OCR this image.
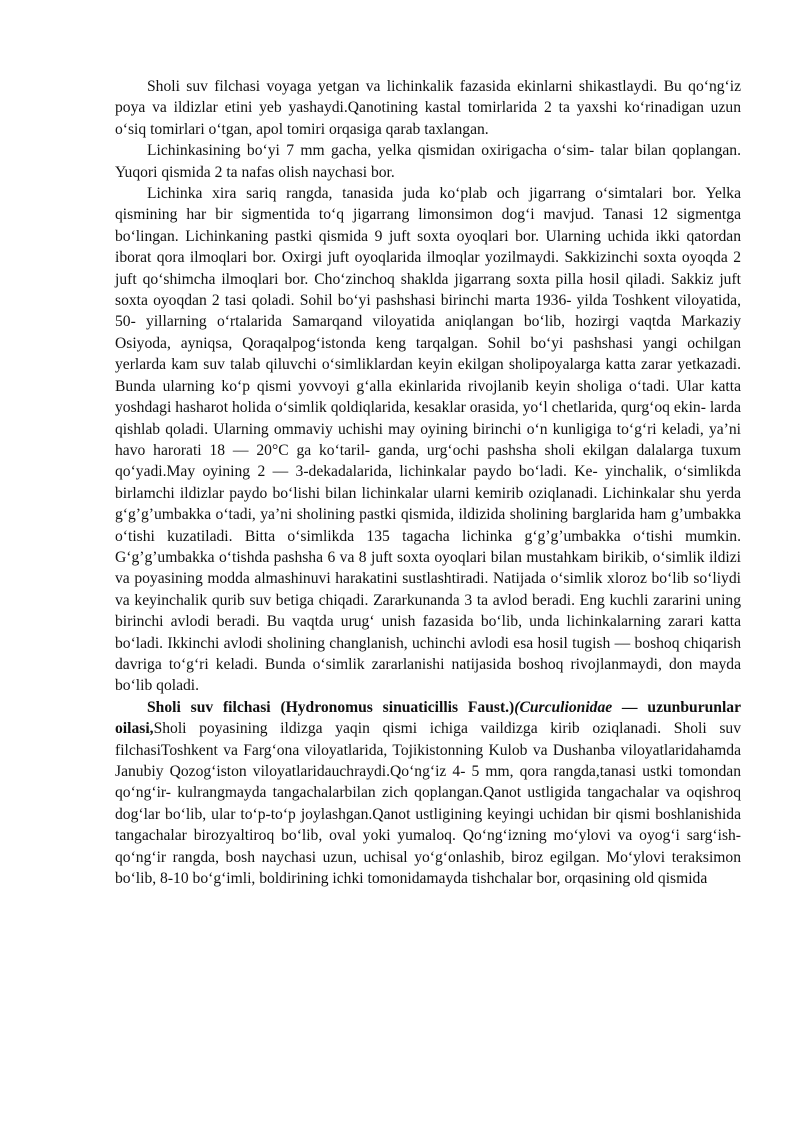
Sholi suv filchasi voyaga yetgan va lichinkalik fazasida ekinlarni shikastlaydi. Bu qo‘ng‘iz poya va ildizlar etini yeb yashaydi.Qanotining kastal tomirlarida 2 ta yaxshi ko‘rinadigan uzun o‘siq tomirlari o‘tgan, apol tomiri orqasiga qarab taxlangan.

Lichinkasining bo‘yi 7 mm gacha, yelka qismidan oxirigacha o‘sim- talar bilan qoplangan. Yuqori qismida 2 ta nafas olish naychasi bor.

Lichinka xira sariq rangda, tanasida juda ko‘plab och jigarrang o‘simtalari bor. Yelka qismining har bir sigmentida to‘q jigarrang limonsimon dog‘i mavjud. Tanasi 12 sigmentga bo‘lingan. Lichinkaning pastki qismida 9 juft soxta oyoqlari bor. Ularning uchida ikki qatordan iborat qora ilmoqlari bor. Oxirgi juft oyoqlarida ilmoqlar yozilmaydi. Sakkizinchi soxta oyoqda 2 juft qo‘shimcha ilmoqlari bor. Cho‘zinchoq shaklda jigarrang soxta pilla hosil qiladi. Sakkiz juft soxta oyoqdan 2 tasi qoladi. Sohil bo‘yi pashshasi birinchi marta 1936- yilda Toshkent viloyatida, 50- yillarning o‘rtalarida Samarqand viloyatida aniqlangan bo‘lib, hozirgi vaqtda Markaziy Osiyoda, ayniqsa, Qoraqalpog‘istonda keng tarqalgan. Sohil bo‘yi pashshasi yangi ochilgan yerlarda kam suv talab qiluvchi o‘simliklardan keyin ekilgan sholipoyalarga katta zarar yetkazadi. Bunda ularning ko‘p qismi yovvoyi g‘alla ekinlarida rivojlanib keyin sholiga o‘tadi. Ular katta yoshdagi hasharot holida o‘simlik qoldiqlarida, kesaklar orasida, yo‘l chetlarida, qurg‘oq ekin- larda qishlab qoladi. Ularning ommaviy uchishi may oyining birinchi o‘n kunligiga to‘g‘ri keladi, ya’ni havo harorati 18 — 20°C ga ko‘taril- ganda, urg‘ochi pashsha sholi ekilgan dalalarga tuxum qo‘yadi.May oyining 2 — 3-dekadalarida, lichinkalar paydo bo‘ladi. Ke- yinchalik, o‘simlikda birlamchi ildizlar paydo bo‘lishi bilan lichinkalar ularni kemirib oziqlanadi. Lichinkalar shu yerda g‘g’g’umbakka o‘tadi, ya’ni sholining pastki qismida, ildizida sholining barglarida ham g’umbakka o‘tishi kuzatiladi. Bitta o‘simlikda 135 tagacha lichinka g‘g’g’umbakka o‘tishi mumkin. G‘g’g’umbakka o‘tishda pashsha 6 va 8 juft soxta oyoqlari bilan mustahkam birikib, o‘simlik ildizi va poyasining modda almashinuvi harakatini sustlashtiradi. Natijada o‘simlik xloroz bo‘lib so‘liydi va keyinchalik qurib suv betiga chiqadi. Zararkunanda 3 ta avlod beradi. Eng kuchli zararini uning birinchi avlodi beradi. Bu vaqtda urug‘ unish fazasida bo‘lib, unda lichinkalarning zarari katta bo‘ladi. Ikkinchi avlodi sholining changlanish, uchinchi avlodi esa hosil tugish — boshoq chiqarish davriga to‘g‘ri keladi. Bunda o‘simlik zararlanishi natijasida boshoq rivojlanmaydi, don mayda bo‘lib qoladi.

Sholi suv filchasi (Hydronomus sinuaticillis Faust.)(Curculionidae — uzunburunlar oilasi,Sholi poyasining ildizga yaqin qismi ichiga vaildizga kirib oziqlanadi. Sholi suv filchasiToshkent va Farg‘ona viloyatlarida, Tojikistonning Kulob va Dushanba viloyatlaridahamda Janubiy Qozog‘iston viloyatlaridauchraydi.Qo‘ng‘iz 4- 5 mm, qora rangda,tanasi ustki tomondan qo‘ng‘ir- kulrangmayda tangachalarbilan zich qoplangan.Qanot ustligida tangachalar va oqishroq dog‘lar bo‘lib, ular to‘p-to‘p joylashgan.Qanot ustligining keyingi uchidan bir qismi boshlanishida tangachalar birozyaltiroq bo‘lib, oval yoki yumaloq. Qo‘ng‘izning mo‘ylovi va oyog‘i sarg‘ish-qo‘ng‘ir rangda, bosh naychasi uzun, uchisal yo‘g‘onlashib, biroz egilgan. Mo‘ylovi teraksimon bo‘lib, 8-10 bo‘g‘imli, boldirining ichki tomonidamayda tishchalar bor, orqasining old qismida
